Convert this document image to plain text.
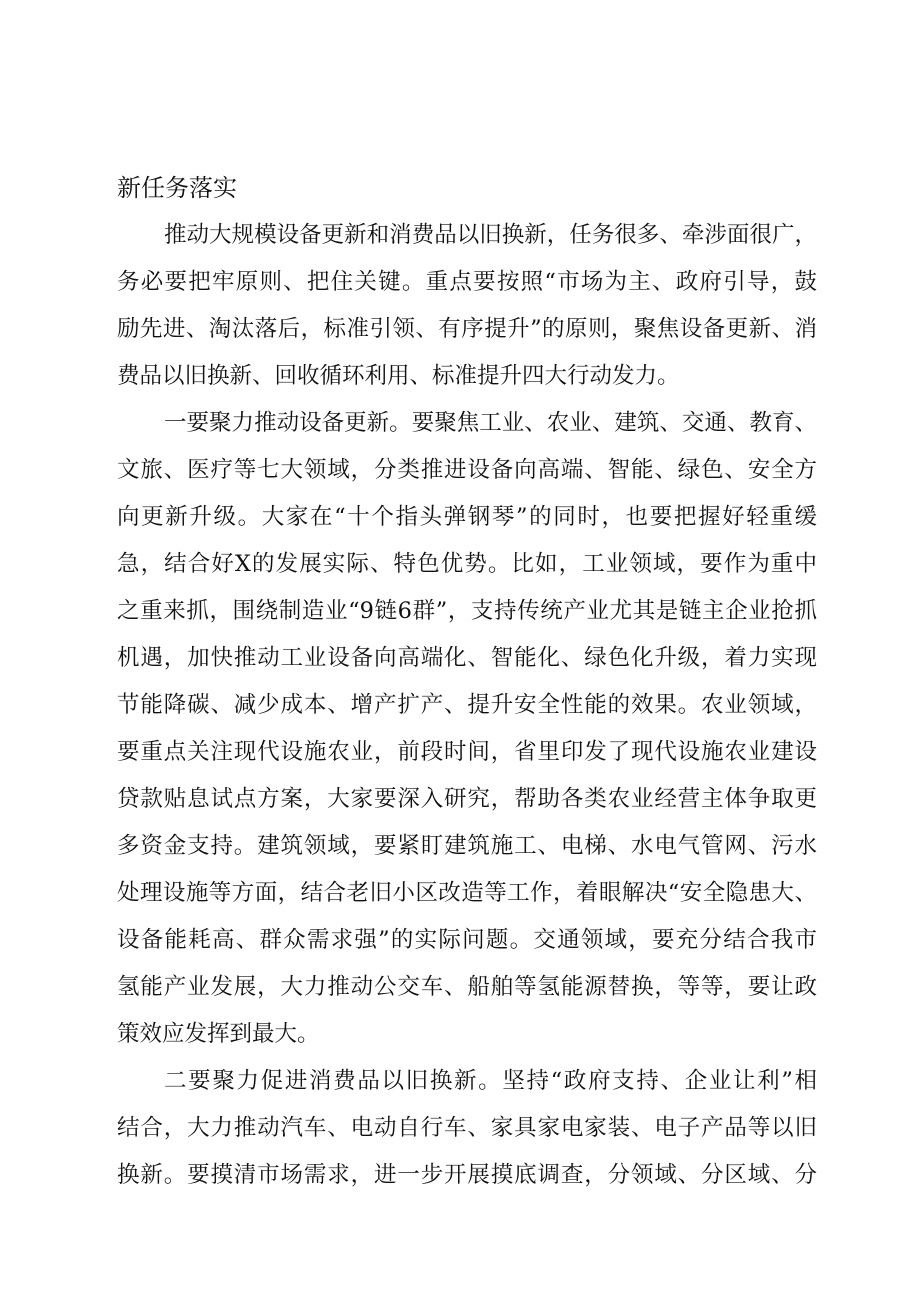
新任务落实
推动大规模设备更新和消费品以旧换新，任务很多、牵涉面很广，
务必要把牢原则、把住关键。重点要按照“市场为主、政府引导，鼓
励先进、淘汰落后，标准引领、有序提升”的原则，聚焦设备更新、消
费品以旧换新、回收循环利用、标准提升四大行动发力。
一要聚力推动设备更新。要聚焦工业、农业、建筑、交通、教育、
文旅、医疗等七大领域，分类推进设备向高端、智能、绿色、安全方
向更新升级。大家在“十个指头弹钢琴”的同时，也要把握好轻重缓
急，结合好X的发展实际、特色优势。比如，工业领域，要作为重中
之重来抓，围绕制造业“9链6群”，支持传统产业尤其是链主企业抢抓
机遇，加快推动工业设备向高端化、智能化、绿色化升级，着力实现
节能降碳、减少成本、增产扩产、提升安全性能的效果。农业领域，
要重点关注现代设施农业，前段时间，省里印发了现代设施农业建设
贷款贴息试点方案，大家要深入研究，帮助各类农业经营主体争取更
多资金支持。建筑领域，要紧盯建筑施工、电梯、水电气管网、污水
处理设施等方面，结合老旧小区改造等工作，着眼解决“安全隐患大、
设备能耗高、群众需求强”的实际问题。交通领域，要充分结合我市
氢能产业发展，大力推动公交车、船舶等氢能源替换，等等，要让政
策效应发挥到最大。
二要聚力促进消费品以旧换新。坚持“政府支持、企业让利”相
结合，大力推动汽车、电动自行车、家具家电家装、电子产品等以旧
换新。要摸清市场需求，进一步开展摸底调查，分领域、分区域、分
